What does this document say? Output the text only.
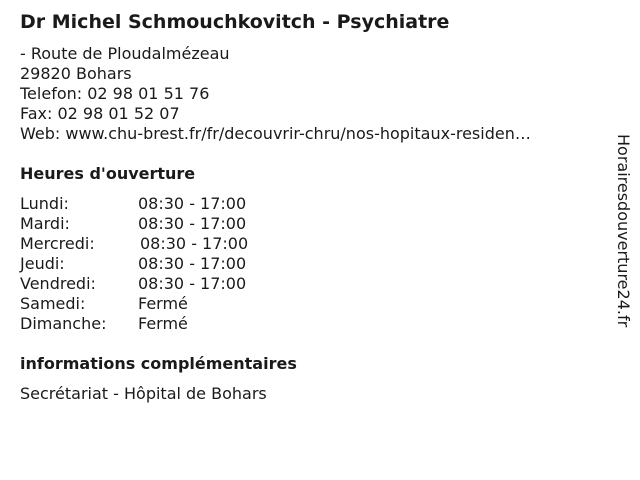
Dr Michel Schmouchkovitch - Psychiatre
- Route de Ploudalmézeau
29820 Bohars
Telefon: 02 98 01 51 76
Fax: 02 98 01 52 07
Web: www.chu-brest.fr/fr/decouvrir-chru/nos-hopitaux-residen…
Heures d'ouverture
Lundi:	08:30 - 17:00
Mardi:	08:30 - 17:00
Mercredi:	08:30 - 17:00
Jeudi:	08:30 - 17:00
Vendredi:	08:30 - 17:00
Samedi:	Fermé
Dimanche: Fermé
informations complémentaires
Secrétariat - Hôpital de Bohars
Horairesdouverture24.fr
